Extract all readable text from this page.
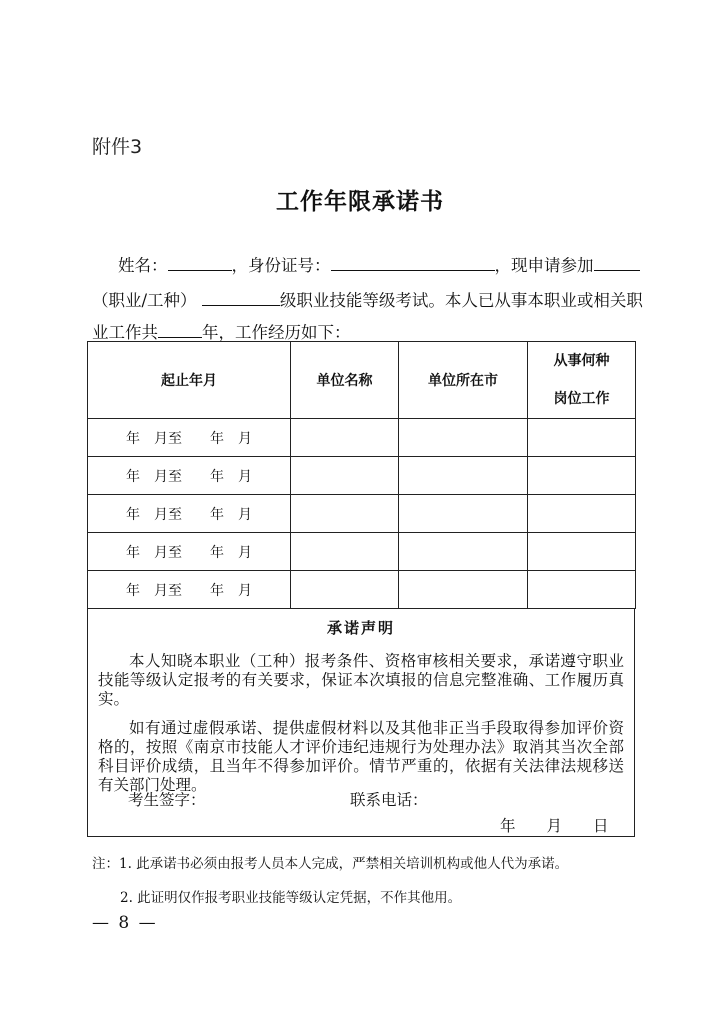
附件3
工作年限承诺书
姓名：	，身份证号：	，现申请参加
（职业/工种）	级职业技能等级考试。本人已从事本职业或相关职
业工作共	年，工作经历如下：
起止年月	单位名称	单位所在市	从事何种
岗位工作

年　月至　　年　月			
年　月至　　年　月			
年　月至　　年　月			
年　月至　　年　月			
年　月至　　年　月			
承诺声明
本人知晓本职业（工种）报考条件、资格审核相关要求，承诺遵守职业技能等级认定报考的有关要求，保证本次填报的信息完整准确、工作履历真实。
如有通过虚假承诺、提供虚假材料以及其他非正当手段取得参加评价资格的，按照《南京市技能人才评价违纪违规行为处理办法》取消其当次全部科目评价成绩，且当年不得参加评价。情节严重的，依据有关法律法规移送有关部门处理。
考生签字：	联系电话：
年　　月　　日
注：1. 此承诺书必须由报考人员本人完成，严禁相关培训机构或他人代为承诺。
2. 此证明仅作报考职业技能等级认定凭据，不作其他用。
— 8 —
